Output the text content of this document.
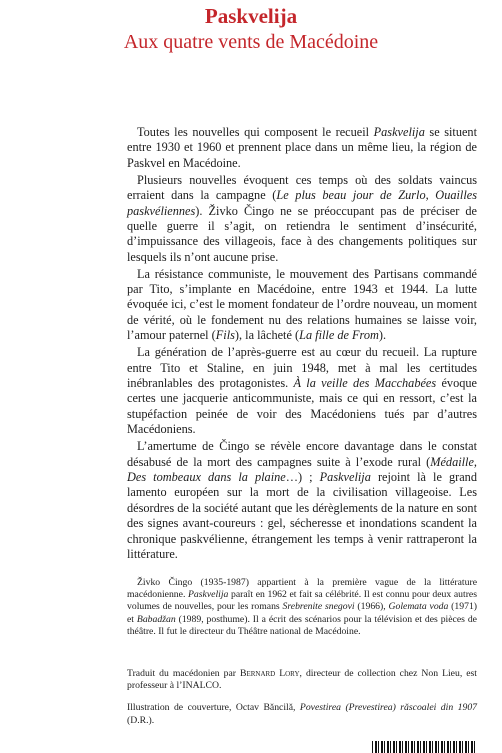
Paskvelija
Aux quatre vents de Macédoine

Toutes les nouvelles qui composent le recueil Paskvelija se situent entre 1930 et 1960 et prennent place dans un même lieu, la région de Paskvel en Macédoine.

Plusieurs nouvelles évoquent ces temps où des soldats vaincus erraient dans la campagne (Le plus beau jour de Zurlo, Ouailles paskvéliennes). Živko Čingo ne se préoccupant pas de préciser de quelle guerre il s’agit, on retiendra le sentiment d’insécurité, d’impuissance des villageois, face à des changements politiques sur lesquels ils n’ont aucune prise.

La résistance communiste, le mouvement des Partisans commandé par Tito, s’implante en Macédoine, entre 1943 et 1944. La lutte évoquée ici, c’est le moment fondateur de l’ordre nouveau, un moment de vérité, où le fondement nu des relations humaines se laisse voir, l’amour paternel (Fils), la lâcheté (La fille de From).

La génération de l’après-guerre est au cœur du recueil. La rupture entre Tito et Staline, en juin 1948, met à mal les certitudes inébranlables des protagonistes. À la veille des Macchabées évoque certes une jacquerie anticommuniste, mais ce qui en ressort, c’est la stupéfaction peinée de voir des Macédoniens tués par d’autres Macédoniens.

L’amertume de Čingo se révèle encore davantage dans le constat désabusé de la mort des campagnes suite à l’exode rural (Médaille, Des tombeaux dans la plaine…) ; Paskvelija rejoint là le grand lamento européen sur la mort de la civilisation villageoise. Les désordres de la société autant que les dérèglements de la nature en sont des signes avant-coureurs : gel, sécheresse et inondations scandent la chronique paskvélienne, étrangement les temps à venir rattraperont la littérature.

Živko Čingo (1935-1987) appartient à la première vague de la littérature macédonienne. Paskvelija paraît en 1962 et fait sa célébrité. Il est connu pour deux autres volumes de nouvelles, pour les romans Srebrenite snegovi (1966), Golemata voda (1971) et Babadžan (1989, posthume). Il a écrit des scénarios pour la télévision et des pièces de théâtre. Il fut le directeur du Théâtre national de Macédoine.

Traduit du macédonien par Bernard Lory, directeur de collection chez Non Lieu, est professeur à l’INALCO.

Illustration de couverture, Octav Băncilă, Povestirea (Prevestirea) răscoalei din 1907 (D.R.).
